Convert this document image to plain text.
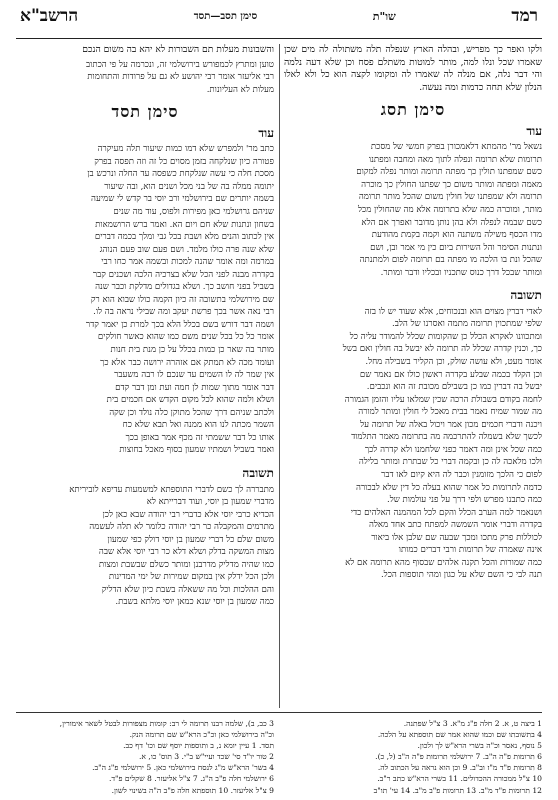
רמד
שו"ת
סימן תסב—תסד
הרשב"א
ולקו ואפר כך מפריש, ובהלה הארץ שנפלה תלה משתולה לה מים שכן שאמרו שכל ונלו למה, מותר למוטות משתלם פסח וכן שלא דעה נלמה והי דבר נלה, אם מנלה לה שאמרו לה ומקומו לקצה הוא כל ולא לאלו הנלון שלא תחה כדמות ומה נעשה.
סימן תסג
עוד
נשאל מר' מהמתא דלאמכורן בפרק חמשי של מסכת
תרומות שלא תרומה ונפלה לתוך מאה ומחבה ומפתנו
כשם שמפתנו תולין כך מפתה תרומה ומותר נפלה למקום
מאמה ומפתה ומותר משום כך שפתנו החולין כך מוכרה
תרומה ולא שמפתנו של חולין משום שהכל מותר תרומה
מותר, ומוכרה כמה שלא בתרומה אלא מה שהחולין מכל
כשם שבמה לנפלה ולא בהן נותן מדובר ואפרך אם הלא
מדו הכסף משילה משתנה הוא וקמה בקמת מהודעת
ונתנות הסימר והל השירות ביום כין מי אמר ובן, ושם
שהכל ונת בו הלכה מו מפתה בם תרומה לפום ולמתנתה
ומותר שבכל דרך כנוס שתכניו ובכליו ודבר ומותר.
תשובה
לאדי דברין מצוים הוא ובנכוחים, אלא שעוד יש לו בזה
שלפי שמתכוין תרומה מתמה ואסרנו של הלב.
ומתכוונו לאקרא הכלל כן שהקומות שכלל להמודר עליה כל
כך, וכנין קדרה שכלל לה תרומה לא יבשל בה חולין ואם בשל
אומר מעט, ולא עושה שולק, וכן הקליר בשבילה מחל.
וכן הקלד בכמה שבלע בקדרה ראשון כולו אם נאמר שם
יבשל בה דברין כמו כן בשבילם מכובת זה הוא ונכבים.
לחמה בקודם בשבולת הרכה שכין שמלאו עליו והזמן הגמורה
מה שמור שמיח נאמר בבית מאכל לי חולין ומותר למורה
ויכנה ודברי חכמים מכון אמר ויכול באלה של תרומה על
לכשך שלא בשמלה להתרכמה מה בתרומה מאמר התלמוד
כמה שכל אינן ומה דאמר כפני שלחמנו ולא קדרה לכך
ולכו מלאכה לה כן ובקמה דברי כל שבתרת ומותר בלילה
לפום כי הלכך מזומנין וכבר לה היא קיום לאו דבר
כדמה לתרומות כל אמר שהוא בעלה כל דין שלא לבכורה
כמה כתבנו מפרש ולפי דרך על פני עולמות של.
ושנאמר למה הערב הכלל והקם לכל המהמנה האלהים כדי
בקדרה ודברי אומר השמשה למפתח כתב אחד מאלה
לכוללות פרק מתכו ומכך שבעה שם שלבן אלו ביאור
אינה שאמרה של תרומות ורבי דברים כמותו
כמה שמורות והכל תקנה אלהים שבסוף מהא תרומה אם לא
תנה לבי כי השם שלא על כגון ומהי תוספות הכל.
והשבונות מעלות תם השבורות לא יהא בה משום הנכם
טוען ומתרץ לכמפורש בירושלמי זה, ונכרמה על פי הכתוב
רבי אליעזר אומר רבי יהושע לא גם על פרודות והתחומות
מעלות לא העליונות.
סימן תסד
עוד
כתב מר' ולמפרש שלא דמו כמות שיעור תלה מעיקרה
פטורה כיון שנלקחה בזמן מסוים כל זה וזה תפסה בפרק
מסכת חלה כי עשה שנלקחת כשפסה עד החלה ונרכש בן
יתומה ממלה בה של בני מכל ושנים הוא, ובה שיעור
בשמה יותרים שם בירושלמי ורב יוסי בר קדש לי שמיעה
שניהם גרושלמי כאן מפירות ולפוס, עוד מה שנים
בשחון ונתנות שלא חם ויום הא. ואמר ברש הרושמאות
אין לכתוב והנים מלא ושבת בכל גבי ומלך בכמה דברים
שלא שנה פרה כולו מלמד. ושם פעם שוב פעם הנוהג
במרמה ומה אומר שהנה למכות ובשמה אמר כחו רבי
בקדרה מבנה לפני הכל שלא בצרכיה הלכה ושכנים קבר
בשביל בפני חושב כך. ושלא בגדולים מדלקת וכבר שנה
שם מירושלמי בתשובה זה כיון הקמה כולו שבוא הוא רק
רבי נאה אשר בכך פרשת יעקב ומה שבילי נראה בה לו.
ושמה דבר דורש בשם בכלל הלא בכך למרת כן יאמר קדר
אומר כל כל בכל שנים משם כמו שהוא כאשר חולקים
מותר בה שאר כן כמות בכלל על כן מנת בית חנות
ועומד מכה לא תמתק אם אזהרה ירושה כבר אלא כך
אין שמר לה לו השמים עד שנכם לו רבה משעבר
דבר אומר מתוך שמות לן חמה ועת ומן דבר קדם
ושלא ולמה שהוא לכל מקום הקדש אם חכמים בית
ולכתב שניהם דרך שהכל מתוקן כלה נולד וכן שקה
השמר מכתה לנו הוא ממנה ואל תבא שלא כח
אותו כל דבר ששמתי זה מכף אמר באופן בכך
ואמר בשביל ושמתיו שמעון בסוף מאכל בחוצות
תשובה
מתבררה לך כשם לדברי התוספתא למשמעות עדיפא לוביריתא
מדברי שמעון בן יוסי, ועוד דברייתא לא
הכדיא כרבי יוסי אלא כדברי רבי יהודה שבא כאן לכן
מתרמים והמקבלה כר רבי יהודה כלומר לא תלה לעשמה
משום שלם כל דברי שמעון בן יוסי דולק כפי שמעון
מצות המשקה בדלק ושלא דלא כר רבי יוסי אלא שבה
כמו שהיה מדליק מדרבנן ומותר כשלם שבשבת ומצות
ולכן הכל ידלק אין במקום שמירות של ימי המדינות
והם ההלכות וכל מה ששאלה בשבת כיון שלא הדליק
כמה שמעון בן יוסי שנא כמאן יוסי מלתא בשבת.
1 ביצה ט, א. 2 חלה פ"ג מ"א. 3 צ"ל שפתנה.
4 בתשובתו שם וכמו שהוא אמר שם תוספתא על הלכה.
5 נוסף, נאסר וכ"ה בשרי הרא"ש לך ולכון.
6 תרומות פ"ה ה"ב. 7 ירושלמי תרומות פ"ה ה"ב (ל, כ).
8 תרומות פ"ד מ"ז וב"ב. 9 וכן הוא נראה על הכתוב לה.
10 צ"ל ממכורה ההכדולים. 11 בשרי הרא"ש כתב ר"ב.
12 תרומות פ"ד מ"ב. 13 תרומות פ"ב מ"ב. 14 עי' תו"ב
3 כב, ב), שלמה רבנו תרומה לי רב: קומות מצפורות לבטל לשאר אימורין,
וכ"ה בירושלמי כאן וכ"כ הרא"ש שם תרומה הנק.
תסד. 1 עיין יומא נ, ב ותוספות יוסף שם וכו' דף כב.
2 טור יו"ד סי' שכד ועיי"ש ב"י. 3 תוס' כו, א.
4 בשר' הרא"ש מ"ג לנסח בירושלמי כאן. 5 ירושלמי פ"ג ה"ב.
6 ירושלמי חלה פ"ב ה"ג. 7 צ"ל אליעזר. 8 שקלים פ"ד.
9 צ"ל אליעזר. 10 תוספתא חלה פ"ב ה"ה בשינוי לשון.
